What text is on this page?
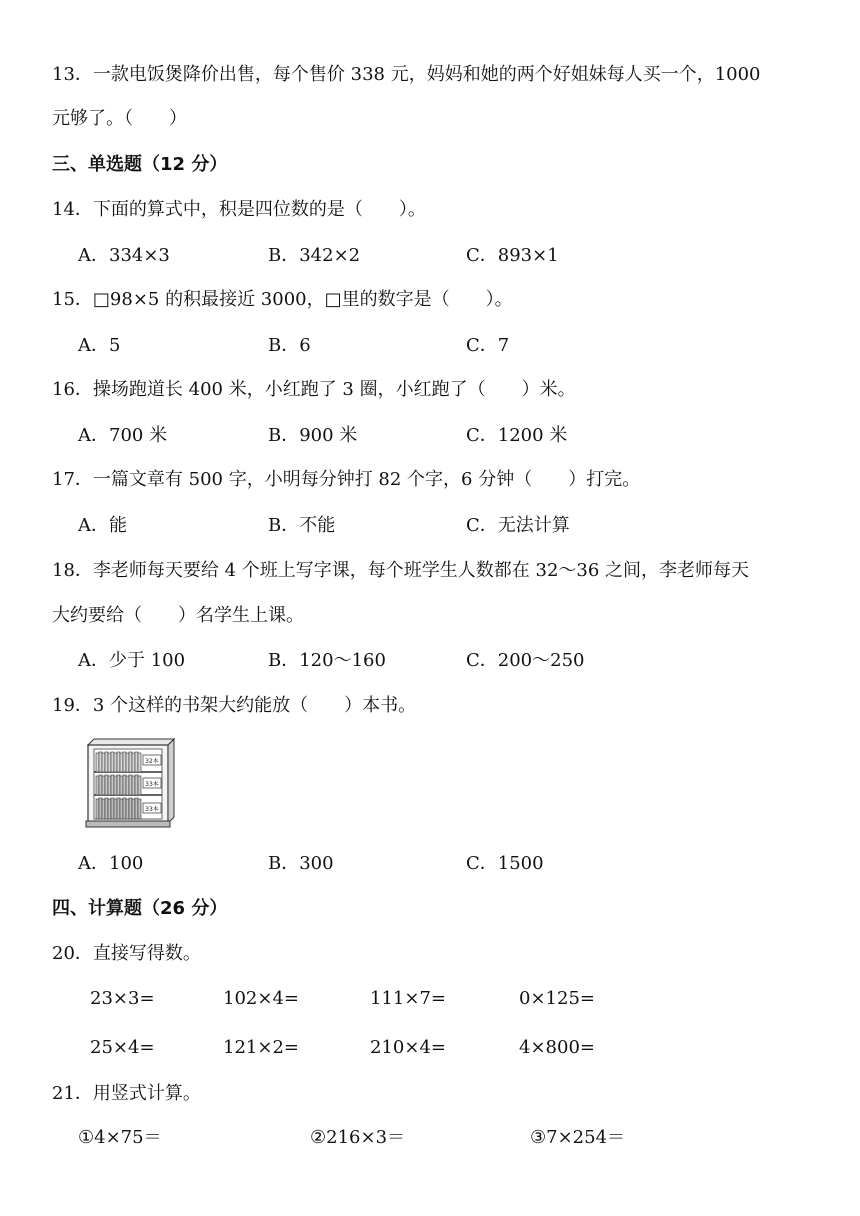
13．一款电饭煲降价出售，每个售价 338 元，妈妈和她的两个好姐妹每人买一个，1000
元够了。（　　）
三、单选题（12 分）
14．下面的算式中，积是四位数的是（　　）。
A．334×3	B．342×2	C．893×1
15．□98×5 的积最接近 3000，□里的数字是（　　）。
A．5	B．6	C．7
16．操场跑道长 400 米，小红跑了 3 圈，小红跑了（　　）米。
A．700 米	B．900 米	C．1200 米
17．一篇文章有 500 字，小明每分钟打 82 个字，6 分钟（　　）打完。
A．能	B．不能	C．无法计算
18．李老师每天要给 4 个班上写字课，每个班学生人数都在 32～36 之间，李老师每天
大约要给（　　）名学生上课。
A．少于 100	B．120～160	C．200～250
19．3 个这样的书架大约能放（　　）本书。
32本
33本
33本
A．100	B．300	C．1500
四、计算题（26 分）
20．直接写得数。
23×3=	102×4=	111×7=	0×125=
25×4=	121×2=	210×4=	4×800=
21．用竖式计算。
①4×75＝	②216×3＝	③7×254＝
